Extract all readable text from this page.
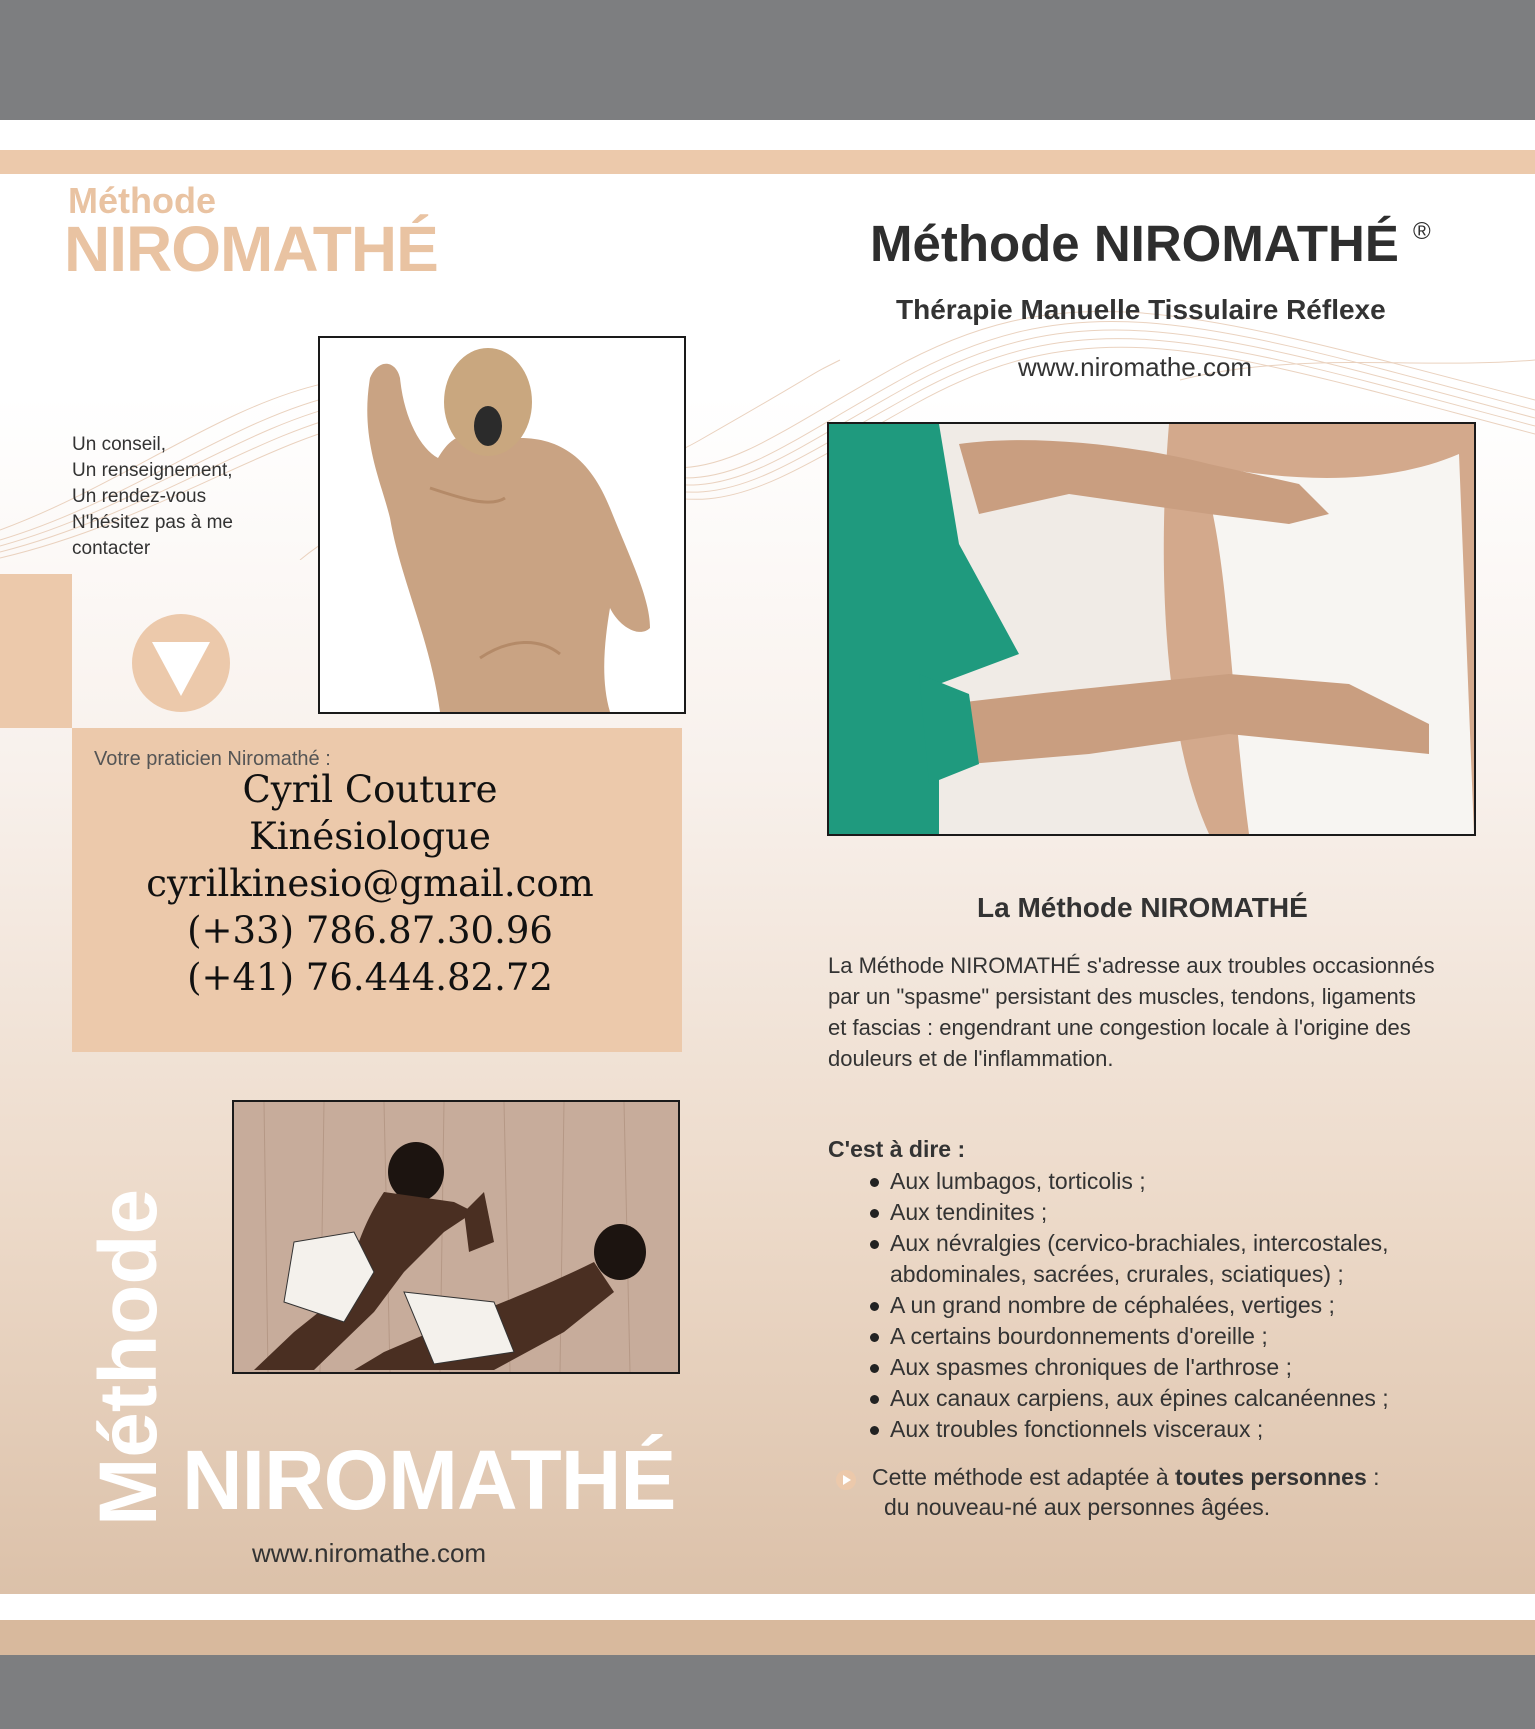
Méthode
NIROMATHÉ
Un conseil,
Un renseignement,
Un rendez-vous
N'hésitez pas à me
contacter
Votre praticien Niromathé :
Cyril Couture
Kinésiologue
cyrilkinesio@gmail.com
(+33) 786.87.30.96
(+41) 76.444.82.72
Méthode NIROMATHÉ
www.niromathe.com
Méthode NIROMATHÉ ®
Thérapie Manuelle Tissulaire Réflexe
www.niromathe.com
La Méthode NIROMATHÉ
La Méthode NIROMATHÉ s'adresse aux troubles occasionnés
par un "spasme" persistant des muscles, tendons, ligaments
et fascias : engendrant une congestion locale à l'origine des
douleurs et de l'inflammation.
C'est à dire :
Aux lumbagos, torticolis ;
Aux tendinites ;
Aux névralgies (cervico-brachiales, intercostales,
abdominales, sacrées, crurales, sciatiques) ;
A un grand nombre de céphalées, vertiges ;
A certains bourdonnements d'oreille ;
Aux spasmes chroniques de l'arthrose ;
Aux canaux carpiens, aux épines calcanéennes ;
Aux troubles fonctionnels visceraux ;
Cette méthode est adaptée à toutes personnes :
du nouveau-né aux personnes âgées.
